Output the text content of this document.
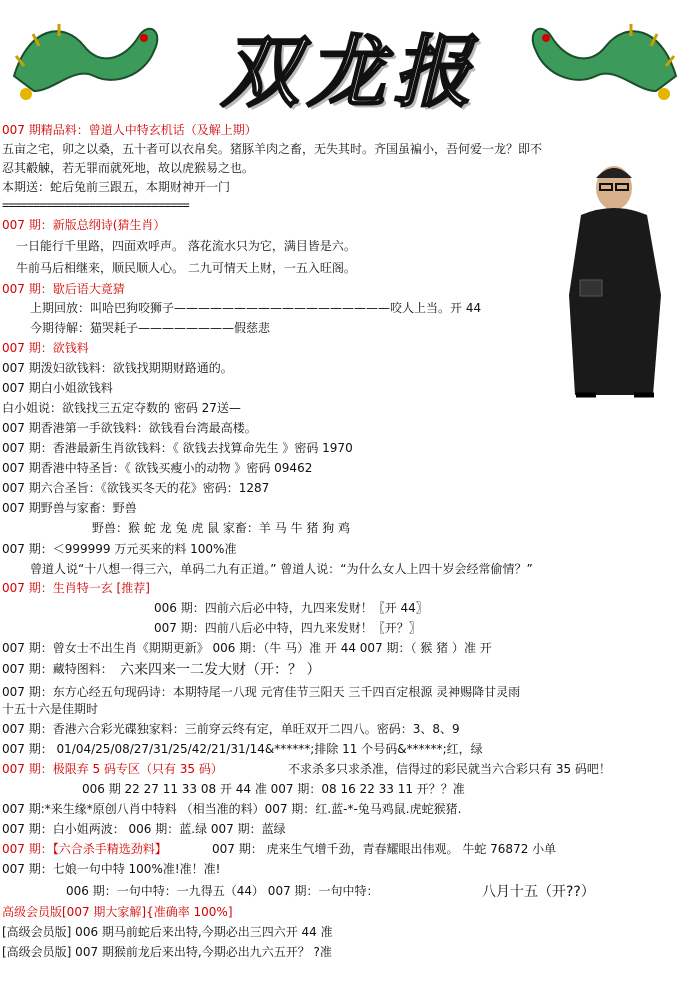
双龙报
007 期精品料：曾道人中特玄机话（及解上期）
五亩之宅，卯之以桑，五十者可以衣帛矣。猪豚羊肉之畜，无失其时。齐国虽褊小，吾何爱一龙？即不
忍其觳觫，若无罪而就死地，故以虎猴易之也。
本期送：蛇后兔前三跟五，本期财神开一门
==============================
007 期：新版总纲诗(猜生肖）
一日能行千里路，四面欢呼声。 落花流水只为它，满目皆是六。
牛前马后相继来，顺民顺人心。 二九可情天上财，一五入旺阁。
007 期：歇后语大竟猜
上期回放：叫哈巴狗咬狮子——————————————————咬人上当。开 44
今期待解：猫哭耗子————————假慈悲
007 期：欲钱料
007 期泼妇欲钱料：欲钱找期期财路通的。
007 期白小姐欲钱料
白小姐说：欲钱找三五定夺数的 密码 27送—
007 期香港第一手欲钱料：欲钱看台湾最高楼。
007 期：香港最新生肖欲钱料：《 欲钱去找算命先生 》密码 1970
007 期香港中特圣旨：《 欲钱买瘦小的动物 》密码 09462
007 期六合圣旨：《欲钱买冬天的花》密码：1287
007 期野兽与家畜：野兽
野兽：猴 蛇 龙 兔 虎 鼠 家畜：羊 马 牛 猪 狗 鸡
007 期：＜999999 万元买来的料 100%准
曾道人说“十八想一得三六，单码二九有正道。” 曾道人说：“为什么女人上四十岁会经常偷情？”
007 期：生肖特一玄 [推荐]
006 期：四前六后必中特，九四来发财！〖开 44〗
007 期：四前八后必中特，四九来发财！〖开？〗
007 期：曾女士不出生肖《期期更新》 006 期：（牛 马）准 开 44 007 期：（ 猴 猪 ）准 开
007 期：藏特图料： 六来四来一二发大财（开：？ ）
007 期：东方心经五句现码诗：本期特尾一八现 元宵佳节三阳天 三千四百定根源 灵神赐降甘灵雨
十五十六是佳期时
007 期：香港六合彩光碟独家料：三前穿云终有定，单旺双开二四八。密码：3、8、9
007 期： 01/04/25/08/27/31/25/42/21/31/14&******;排除 11 个号码&******;红，绿
007 期：极限弃 5 码专区（只有 35 码）	不求杀多只求杀准，信得过的彩民就当六合彩只有 35 码吧！
006 期 22 27 11 33 08 开 44 准 007 期：08 16 22 33 11 开？？准
007 期:*来生缘*原创八肖中特料 （相当准的料）007 期：红.蓝-*-兔马鸡鼠.虎蛇猴猪.
007 期：白小姐两波： 006 期：蓝.绿 007 期：蓝绿
007 期：【六合杀手精选劲料】	007 期： 虎来生气增千劲，青春耀眼出伟观。 牛蛇 76872 小单
007 期：七娘一句中特 100%准!准！准!
006 期：一句中特：一九得五（44） 007 期：一句中特：	八月十五（开??）
高级会员版[007 期大家解]{准确率 100%]
[高级会员版] 006 期马前蛇后来出特,今期必出三四六开 44 准
[高级会员版] 007 期猴前龙后来出特,今期必出九六五开？ ?准
